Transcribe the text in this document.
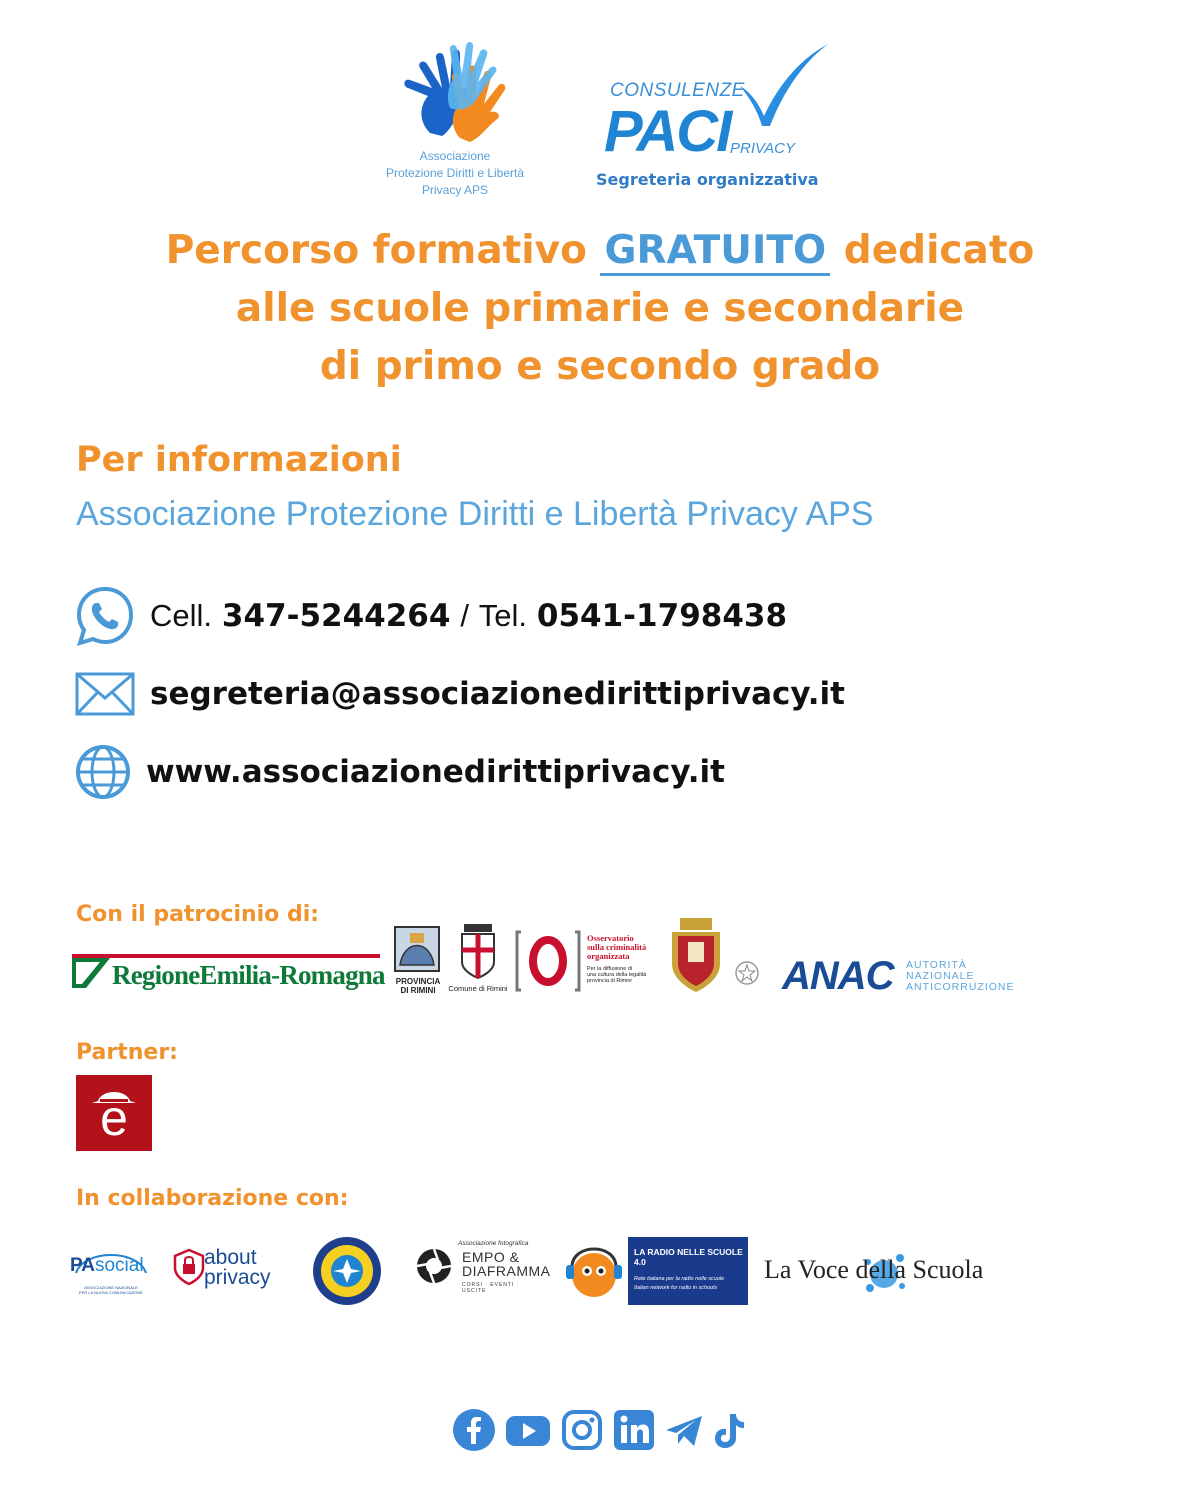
Associazione
Protezione Diritti e Libertà
Privacy APS
CONSULENZE
PACI PRIVACY
Segreteria organizzativa
Percorso formativo GRATUITO dedicato
alle scuole primarie e secondarie
di primo e secondo grado
Per informazioni
Associazione Protezione Diritti e Libertà Privacy APS
Cell. 347-5244264 / Tel. 0541-1798438
segreteria@associazionedirittiprivacy.it
www.associazionedirittiprivacy.it
Con il patrocinio di:
RegioneEmilia-Romagna	PROVINCIA
DI RIMINI	Comune di Rimini
Osservatorio
sulla criminalità
organizzata
Per la diffusione di
una cultura della legalità
provincia di Rimini	ANAC AUTORITÀ
NAZIONALE
ANTICORRUZIONE
Partner:
e
In collaborazione con:
PAsocial
ASSOCIAZIONE NAZIONALE
PER LA NUOVA COMUNICAZIONE
about
privacy
Associazione fotografica
EMPO &
DIAFRAMMA
CORSI · EVENTI · USCITE
LA RADIO NELLE SCUOLE 4.0
Rete italiana per la radio nelle scuole
Italian network for radio in schools
La Voce della Scuola
